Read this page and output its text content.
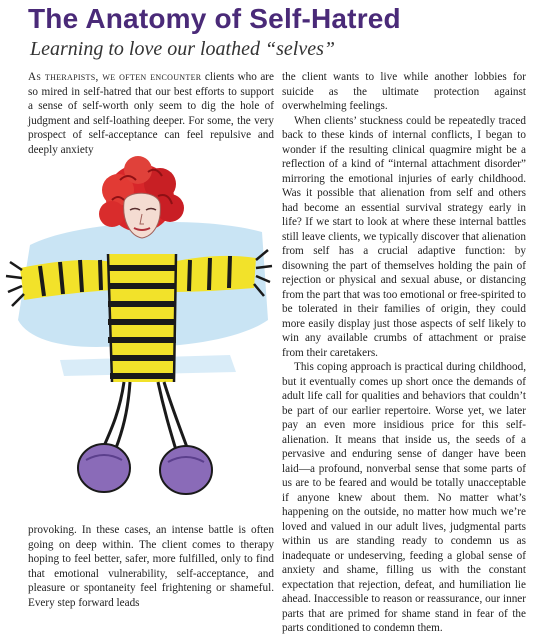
The Anatomy of Self-Hatred
Learning to love our loathed “selves”

As therapists, we often encounter clients who are so mired in self-hatred that our best efforts to support a sense of self-worth only seem to dig the hole of judgment and self-loathing deeper. For some, the very prospect of self-acceptance can feel repulsive and deeply anxiety

provoking. In these cases, an intense battle is often going on deep within. The client comes to therapy hoping to feel better, safer, more fulfilled, only to find that emotional vulnerability, self-acceptance, and pleasure or spontaneity feel frightening or shameful. Every step forward leads

the client wants to live while another lobbies for suicide as the ultimate protection against overwhelming feelings.

When clients’ stuckness could be repeatedly traced back to these kinds of internal conflicts, I began to wonder if the resulting clinical quagmire might be a reflection of a kind of “internal attachment disorder” mirroring the emotional injuries of early childhood. Was it possible that alienation from self and others had become an essential survival strategy early in life? If we start to look at where these internal battles still leave clients, we typically discover that alienation from self has a crucial adaptive function: by disowning the part of themselves holding the pain of rejection or physical and sexual abuse, or distancing from the part that was too emotional or free-spirited to be tolerated in their families of origin, they could more easily display just those aspects of self likely to win any available crumbs of attachment or praise from their caretakers.

This coping approach is practical during childhood, but it eventually comes up short once the demands of adult life call for qualities and behaviors that couldn’t be part of our earlier repertoire. Worse yet, we later pay an even more insidious price for this self-alienation. It means that inside us, the seeds of a pervasive and enduring sense of danger have been laid—a profound, nonverbal sense that some parts of us are to be feared and would be totally unacceptable if anyone knew about them. No matter what’s happening on the outside, no matter how much we’re loved and valued in our adult lives, judgmental parts within us are standing ready to condemn us as inadequate or undeserving, feeding a global sense of anxiety and shame, filling us with the constant expectation that rejection, defeat, and humiliation lie ahead. Inaccessible to reason or reassurance, our inner parts that are primed for shame stand in fear of the parts conditioned to condemn them.
